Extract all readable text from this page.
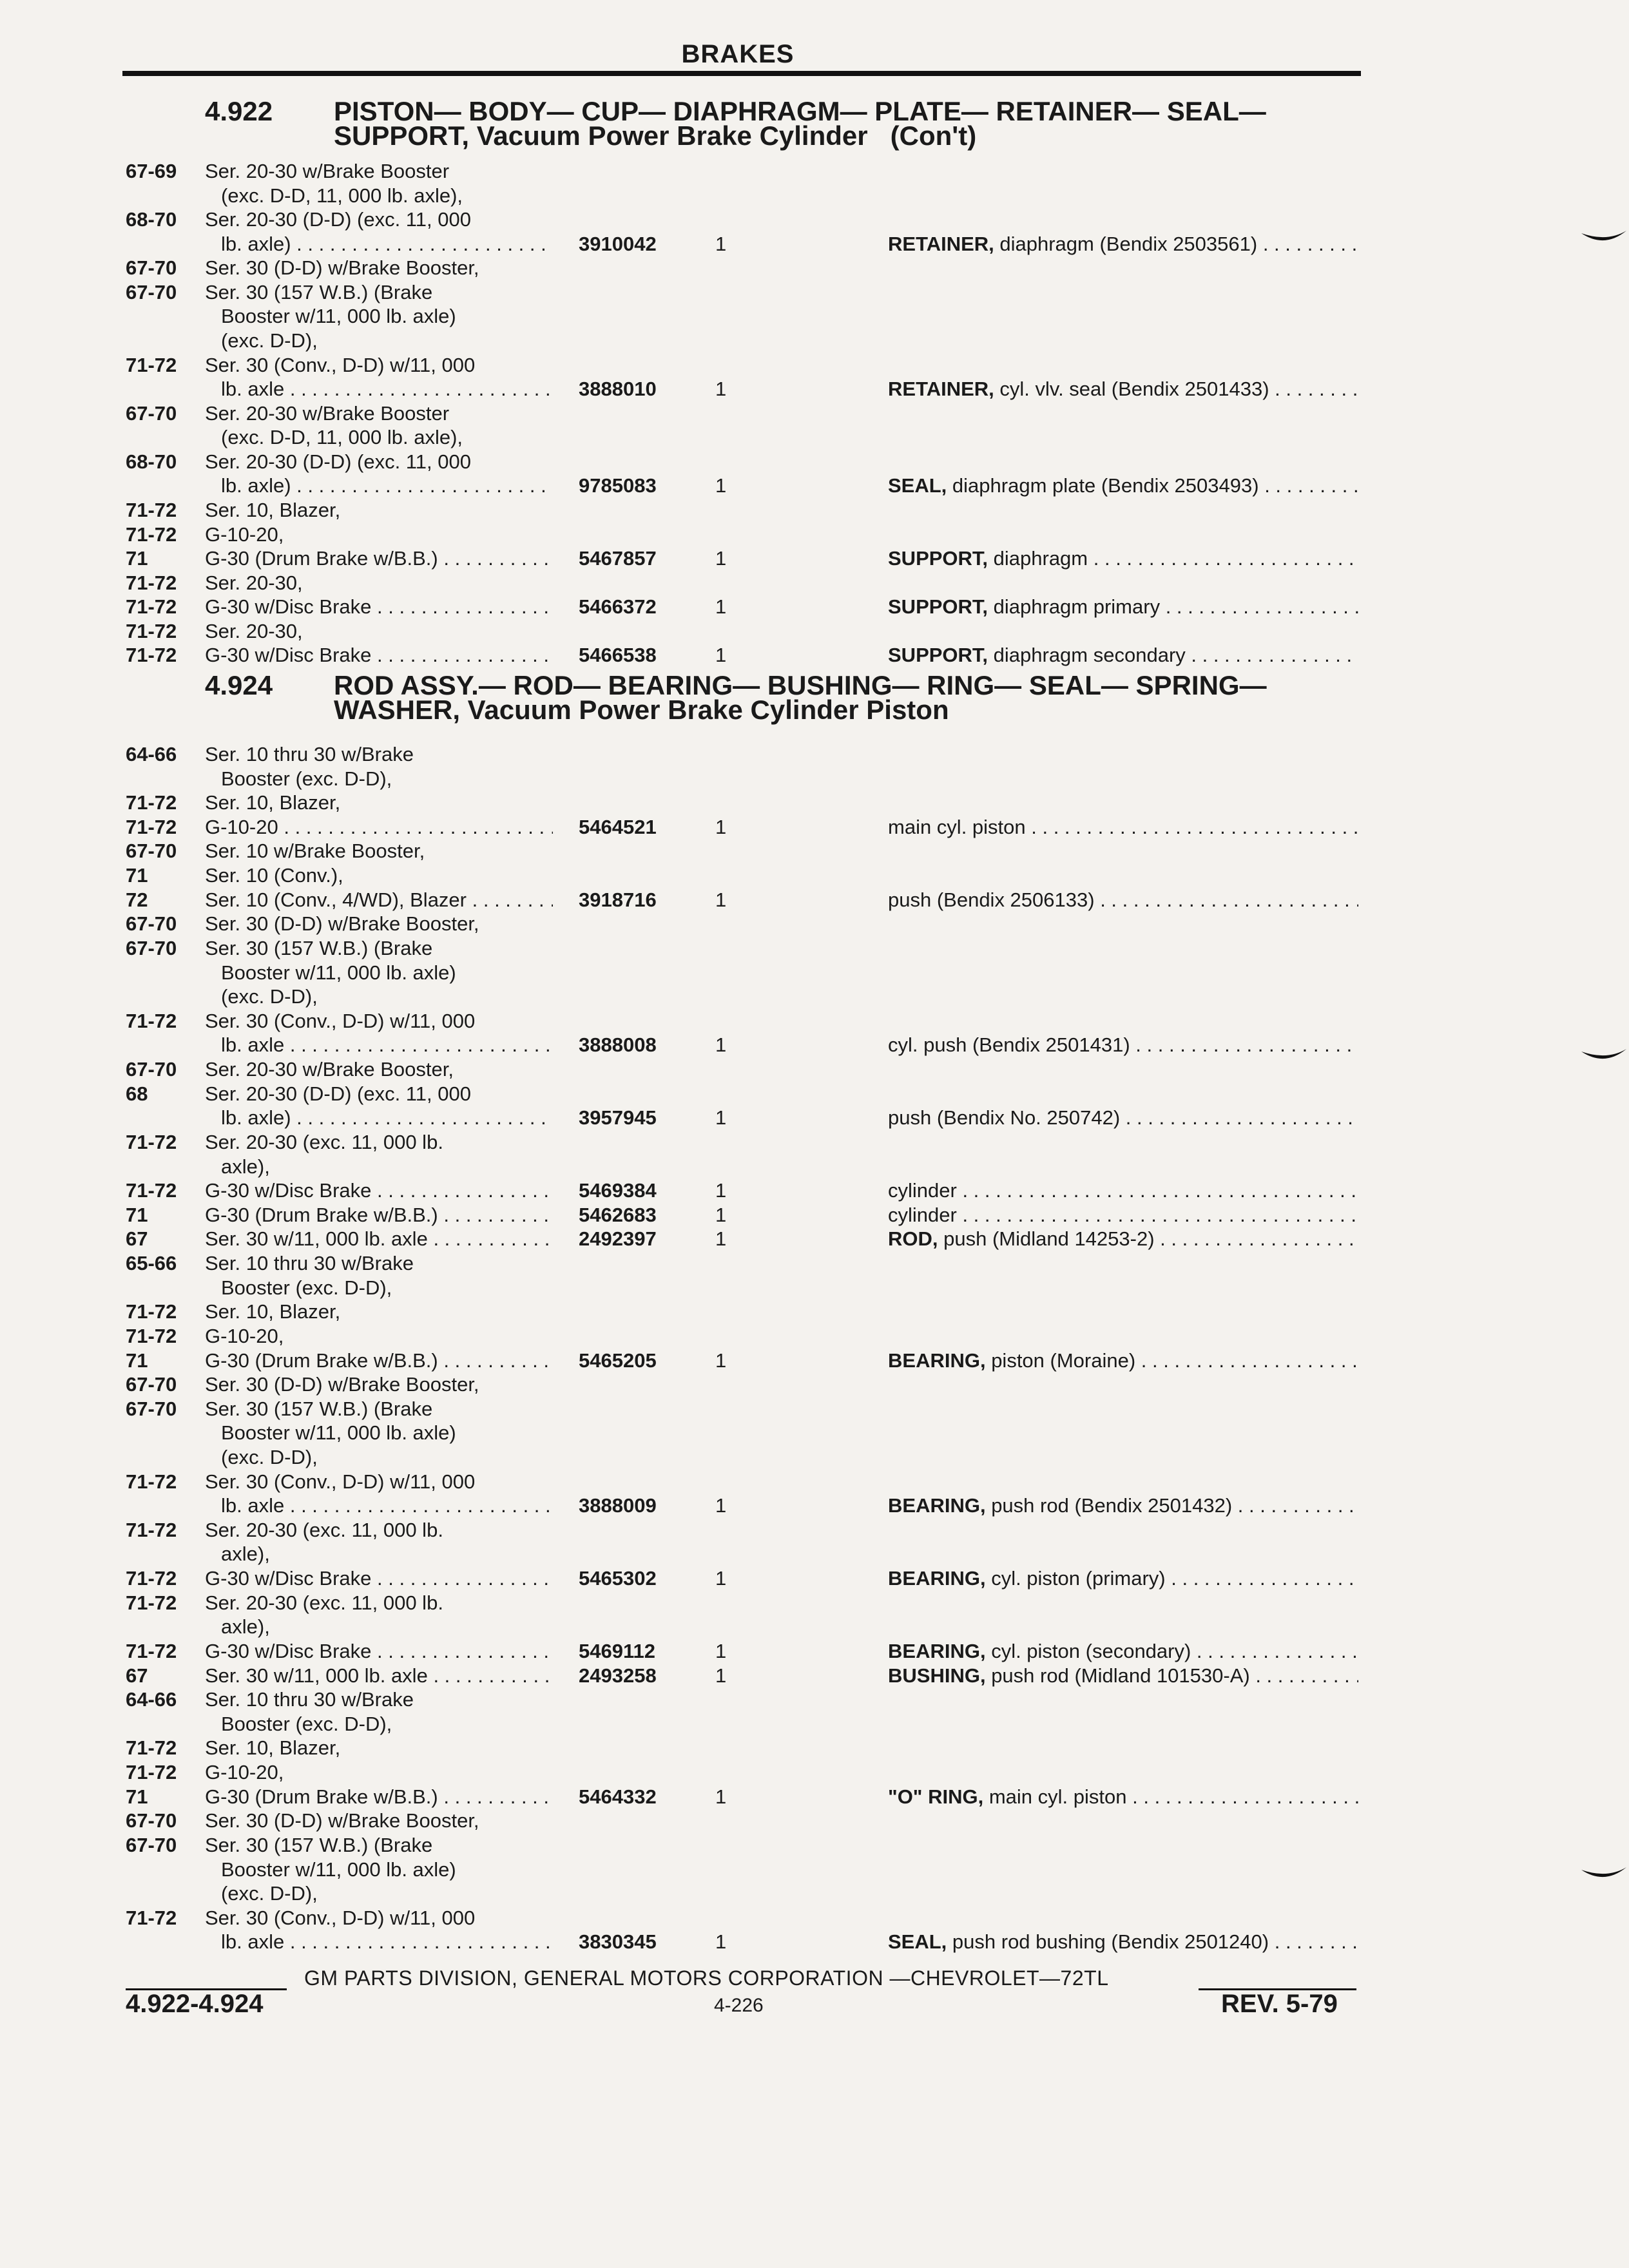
BRAKES
4.922 PISTON— BODY— CUP— DIAPHRAGM— PLATE— RETAINER— SEAL—
SUPPORT, Vacuum Power Brake Cylinder   (Con't)
4.924 ROD ASSY.— ROD— BEARING— BUSHING— RING— SEAL— SPRING—
WASHER, Vacuum Power Brake Cylinder Piston
67-69 Ser. 20-30 w/Brake Booster
(exc. D-D, 11, 000 lb. axle),
68-70 Ser. 20-30 (D-D) (exc. 11, 000
lb. axle) . . .	3910042	1	RETAINER, diaphragm (Bendix 2503561) . . .
67-70 Ser. 30 (D-D) w/Brake Booster,
67-70 Ser. 30 (157 W.B.) (Brake
Booster w/11, 000 lb. axle)
(exc. D-D),
71-72 Ser. 30 (Conv., D-D) w/11, 000
lb. axle . . .	3888010	1	RETAINER, cyl. vlv. seal (Bendix 2501433) . . .
67-70 Ser. 20-30 w/Brake Booster
(exc. D-D, 11, 000 lb. axle),
68-70 Ser. 20-30 (D-D) (exc. 11, 000
lb. axle) . . .	9785083	1	SEAL, diaphragm plate (Bendix 2503493) . . .
71-72 Ser. 10, Blazer,
71-72 G-10-20,
71	G-30 (Drum Brake w/B.B.) . . .	5467857	1	SUPPORT, diaphragm . . .
71-72 Ser. 20-30,
71-72 G-30 w/Disc Brake . . .	5466372	1	SUPPORT, diaphragm primary . . .
71-72 Ser. 20-30,
71-72 G-30 w/Disc Brake . . .	5466538	1	SUPPORT, diaphragm secondary . . .
64-66 Ser. 10 thru 30 w/Brake
Booster (exc. D-D),
71-72 Ser. 10, Blazer,
71-72 G-10-20 . . .	5464521	1	main cyl. piston . . .
67-70 Ser. 10 w/Brake Booster,
71	Ser. 10 (Conv.),
72	Ser. 10 (Conv., 4/WD), Blazer . . .	3918716	1	push (Bendix 2506133) . . .
67-70 Ser. 30 (D-D) w/Brake Booster,
67-70 Ser. 30 (157 W.B.) (Brake
Booster w/11, 000 lb. axle)
(exc. D-D),
71-72 Ser. 30 (Conv., D-D) w/11, 000
lb. axle . . .	3888008	1	cyl. push (Bendix 2501431) . . .
67-70 Ser. 20-30 w/Brake Booster,
68	Ser. 20-30 (D-D) (exc. 11, 000
lb. axle) . . .	3957945	1	push (Bendix No. 250742) . . .
71-72 Ser. 20-30 (exc. 11, 000 lb.
axle),
71-72 G-30 w/Disc Brake . . .	5469384	1	cylinder . . .
71	G-30 (Drum Brake w/B.B.) . . .	5462683	1	cylinder . . .
67	Ser. 30 w/11, 000 lb. axle . . .	2492397	1	ROD, push (Midland 14253-2) . . .
65-66 Ser. 10 thru 30 w/Brake
Booster (exc. D-D),
71-72 Ser. 10, Blazer,
71-72 G-10-20,
71	G-30 (Drum Brake w/B.B.) . . .	5465205	1	BEARING, piston (Moraine) . . .
67-70 Ser. 30 (D-D) w/Brake Booster,
67-70 Ser. 30 (157 W.B.) (Brake
Booster w/11, 000 lb. axle)
(exc. D-D),
71-72 Ser. 30 (Conv., D-D) w/11, 000
lb. axle . . .	3888009	1	BEARING, push rod (Bendix 2501432) . . .
71-72 Ser. 20-30 (exc. 11, 000 lb.
axle),
71-72 G-30 w/Disc Brake . . .	5465302	1	BEARING, cyl. piston (primary) . . .
71-72 Ser. 20-30 (exc. 11, 000 lb.
axle),
71-72 G-30 w/Disc Brake . . .	5469112	1	BEARING, cyl. piston (secondary) . . .
67	Ser. 30 w/11, 000 lb. axle . . .	2493258	1	BUSHING, push rod (Midland 101530-A) . . .
64-66 Ser. 10 thru 30 w/Brake
Booster (exc. D-D),
71-72 Ser. 10, Blazer,
71-72 G-10-20,
71	G-30 (Drum Brake w/B.B.) . . .	5464332	1	"O" RING, main cyl. piston . . .
67-70 Ser. 30 (D-D) w/Brake Booster,
67-70 Ser. 30 (157 W.B.) (Brake
Booster w/11, 000 lb. axle)
(exc. D-D),
71-72 Ser. 30 (Conv., D-D) w/11, 000
lb. axle . . .	3830345	1	SEAL, push rod bushing (Bendix 2501240) . . .
GM PARTS DIVISION, GENERAL MOTORS CORPORATION —CHEVROLET—72TL
4.922-4.924	4-226	REV. 5-79
